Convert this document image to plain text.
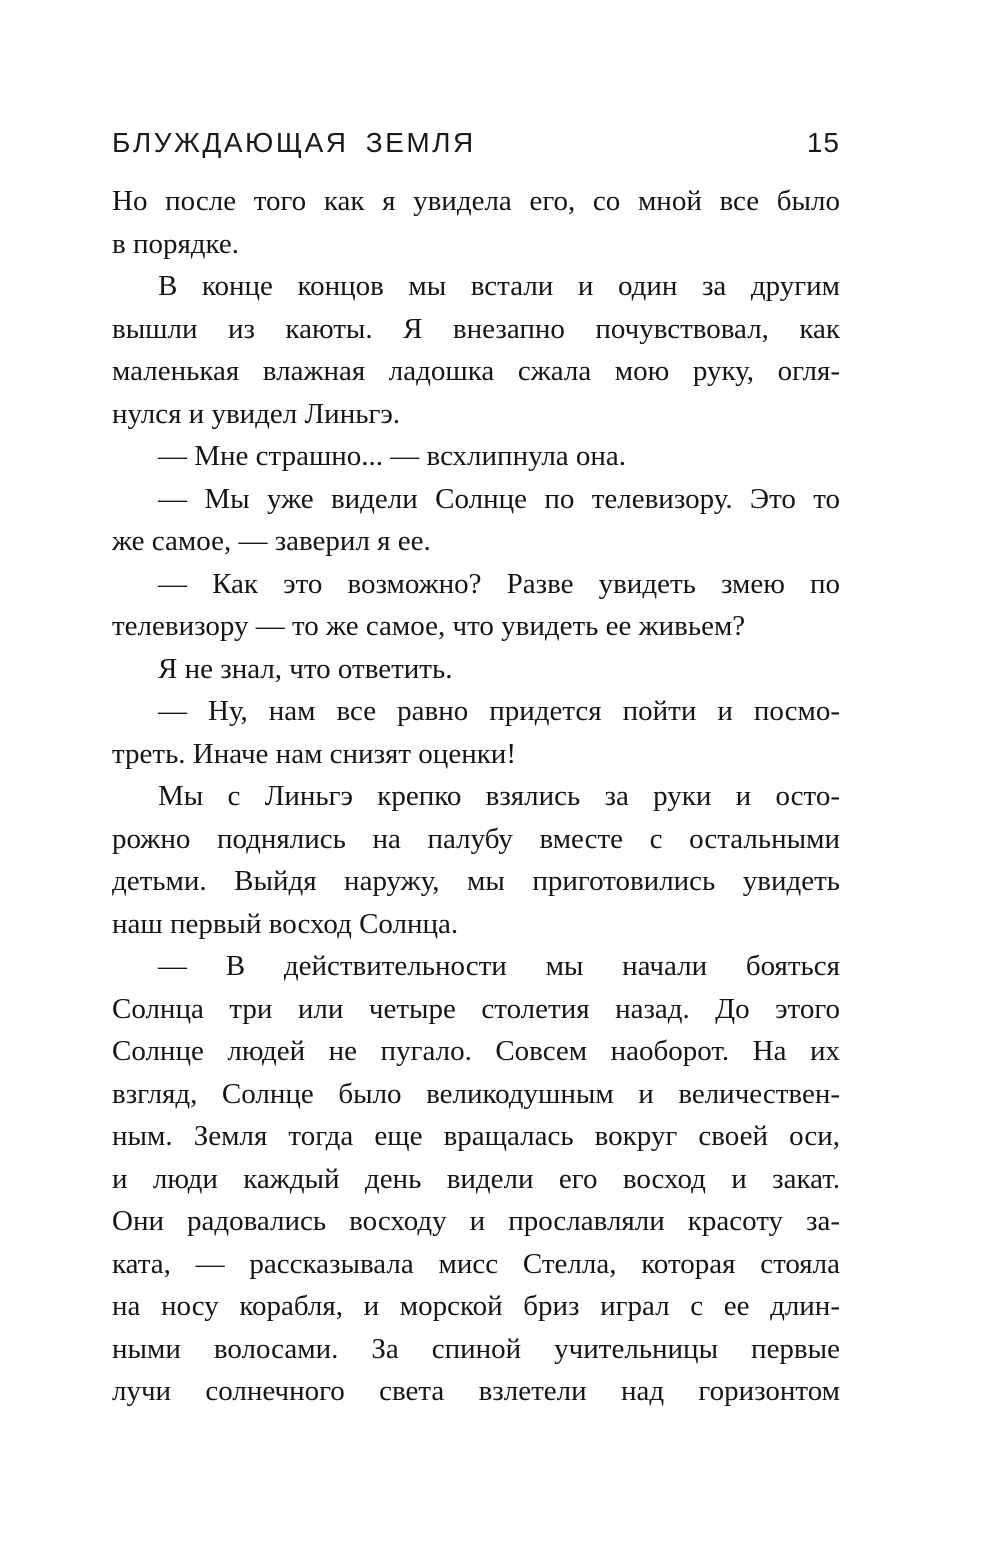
БЛУЖДАЮЩАЯ ЗЕМЛЯ	15
Но после того как я увидела его, со мной все было
в порядке.
В конце концов мы встали и один за другим
вышли из каюты. Я внезапно почувствовал, как
маленькая влажная ладошка сжала мою руку, огля-
нулся и увидел Линьгэ.
— Мне страшно... — всхлипнула она.
— Мы уже видели Солнце по телевизору. Это то
же самое, — заверил я ее.
— Как это возможно? Разве увидеть змею по
телевизору — то же самое, что увидеть ее живьем?
Я не знал, что ответить.
— Ну, нам все равно придется пойти и посмо-
треть. Иначе нам снизят оценки!
Мы с Линьгэ крепко взялись за руки и осто-
рожно поднялись на палубу вместе с остальными
детьми. Выйдя наружу, мы приготовились увидеть
наш первый восход Солнца.
— В действительности мы начали бояться
Солнца три или четыре столетия назад. До этого
Солнце людей не пугало. Совсем наоборот. На их
взгляд, Солнце было великодушным и величествен-
ным. Земля тогда еще вращалась вокруг своей оси,
и люди каждый день видели его восход и закат.
Они радовались восходу и прославляли красоту за-
ката, — рассказывала мисс Стелла, которая стояла
на носу корабля, и морской бриз играл с ее длин-
ными волосами. За спиной учительницы первые
лучи солнечного света взлетели над горизонтом
